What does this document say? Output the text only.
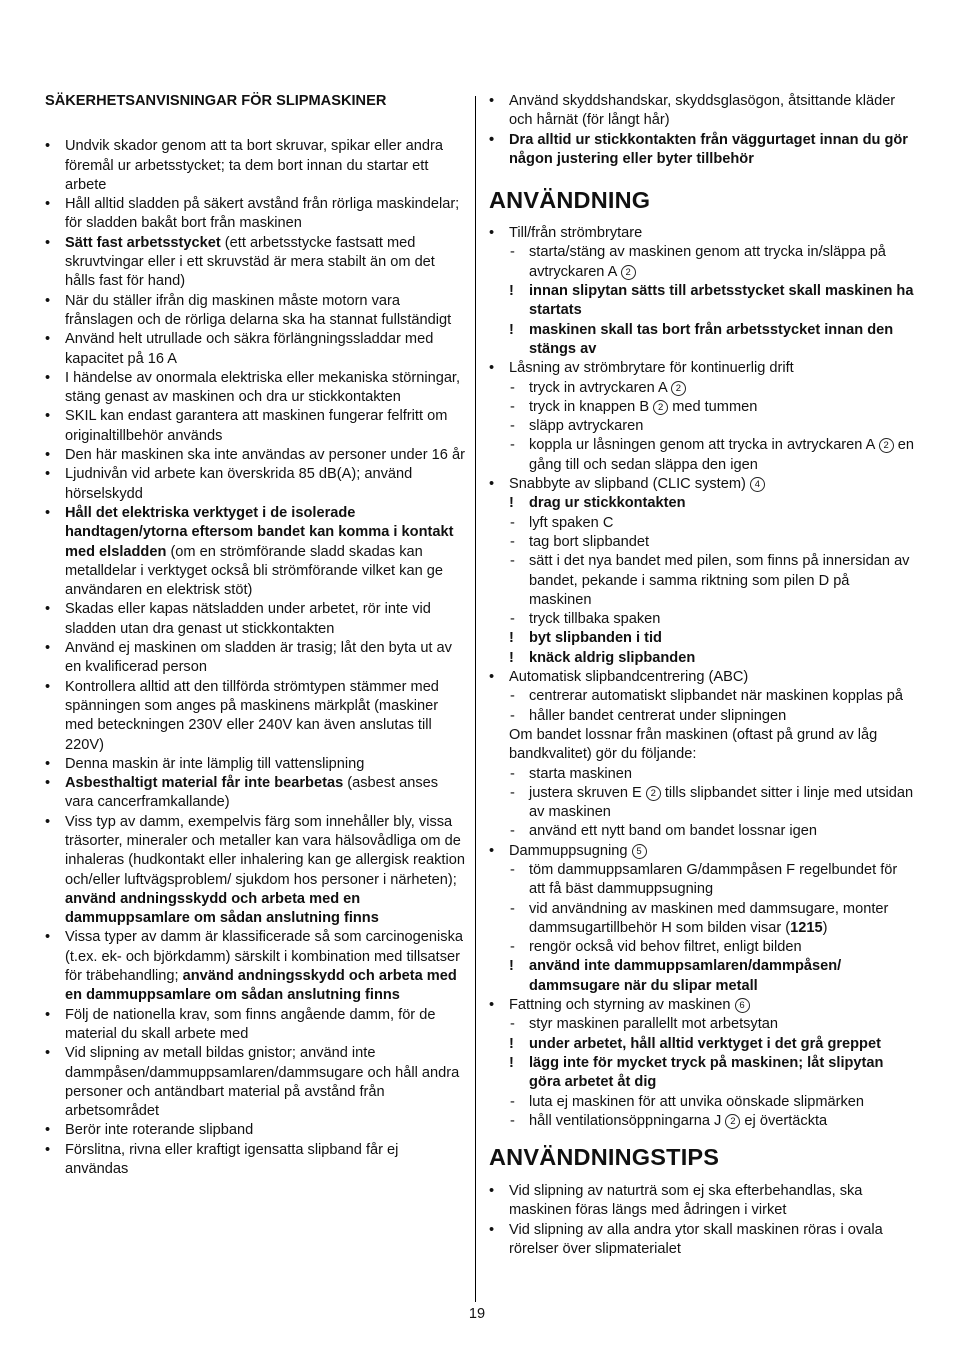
SÄKERHETSANVISNINGAR FÖR SLIPMASKINER
• Undvik skador genom att ta bort skruvar, spikar eller andra föremål ur arbetsstycket; ta dem bort innan du startar ett arbete
• Håll alltid sladden på säkert avstånd från rörliga maskindelar; för sladden bakåt bort från maskinen
• Sätt fast arbetsstycket (ett arbetsstycke fastsatt med skruvtvingar eller i ett skruvstäd är mera stabilt än om det hålls fast för hand)
• När du ställer ifrån dig maskinen måste motorn vara frånslagen och de rörliga delarna ska ha stannat fullständigt
• Använd helt utrullade och säkra förlängningssladdar med kapacitet på 16 A
• I händelse av onormala elektriska eller mekaniska störningar, stäng genast av maskinen och dra ur stickkontakten
• SKIL kan endast garantera att maskinen fungerar felfritt om originaltillbehör används
• Den här maskinen ska inte användas av personer under 16 år
• Ljudnivån vid arbete kan överskrida 85 dB(A); använd hörselskydd
• Håll det elektriska verktyget i de isolerade handtagen/ytorna eftersom bandet kan komma i kontakt med elsladden (om en strömförande sladd skadas kan metalldelar i verktyget också bli strömförande vilket kan ge användaren en elektrisk stöt)
• Skadas eller kapas nätsladden under arbetet, rör inte vid sladden utan dra genast ut stickkontakten
• Använd ej maskinen om sladden är trasig; låt den byta ut av en kvalificerad person
• Kontrollera alltid att den tillförda strömtypen stämmer med spänningen som anges på maskinens märkplåt (maskiner med beteckningen 230V eller 240V kan även anslutas till 220V)
• Denna maskin är inte lämplig till vattenslipning
• Asbesthaltigt material får inte bearbetas (asbest anses vara cancerframkallande)
• Viss typ av damm, exempelvis färg som innehåller bly, vissa träsorter, mineraler och metaller kan vara hälsovådliga om de inhaleras (hudkontakt eller inhalering kan ge allergisk reaktion och/eller luftvägsproblem/ sjukdom hos personer i närheten); använd andningsskydd och arbeta med en dammuppsamlare om sådan anslutning finns
• Vissa typer av damm är klassificerade så som carcinogeniska (t.ex. ek- och björkdamm) särskilt i kombination med tillsatser för träbehandling; använd andningsskydd och arbeta med en dammuppsamlare om sådan anslutning finns
• Följ de nationella krav, som finns angående damm, för de material du skall arbete med
• Vid slipning av metall bildas gnistor; använd inte dammpåsen/dammuppsamlaren/dammsugare och håll andra personer och antändbart material på avstånd från arbetsområdet
• Berör inte roterande slipband
• Förslitna, rivna eller kraftigt igensatta slipband får ej användas
• Använd skyddshandskar, skyddsglasögon, åtsittande kläder och hårnät (för långt hår)
• Dra alltid ur stickkontakten från väggurtaget innan du gör någon justering eller byter tillbehör
ANVÄNDNING
• Till/från strömbrytare
- starta/stäng av maskinen genom att trycka in/släppa på avtryckaren A 2
! innan slipytan sätts till arbetsstycket skall maskinen ha startats
! maskinen skall tas bort från arbetsstycket innan den stängs av
• Låsning av strömbrytare för kontinuerlig drift
- tryck in avtryckaren A 2
- tryck in knappen B 2 med tummen
- släpp avtryckaren
- koppla ur låsningen genom att trycka in avtryckaren A 2 en gång till och sedan släppa den igen
• Snabbyte av slipband (CLIC system) 4
! drag ur stickkontakten
- lyft spaken C
- tag bort slipbandet
- sätt i det nya bandet med pilen, som finns på innersidan av bandet, pekande i samma riktning som pilen D på maskinen
- tryck tillbaka spaken
! byt slipbanden i tid
! knäck aldrig slipbanden
• Automatisk slipbandcentrering (ABC)
- centrerar automatiskt slipbandet när maskinen kopplas på
- håller bandet centrerat under slipningen
Om bandet lossnar från maskinen (oftast på grund av låg bandkvalitet) gör du följande:
- starta maskinen
- justera skruven E 2 tills slipbandet sitter i linje med utsidan av maskinen
- använd ett nytt band om bandet lossnar igen
• Dammuppsugning 5
- töm dammuppsamlaren G/dammpåsen F regelbundet för att få bäst dammuppsugning
- vid användning av maskinen med dammsugare, monter dammsugartillbehör H som bilden visar (1215)
- rengör också vid behov filtret, enligt bilden
! använd inte dammuppsamlaren/dammpåsen/ dammsugare när du slipar metall
• Fattning och styrning av maskinen 6
- styr maskinen parallellt mot arbetsytan
! under arbetet, håll alltid verktyget i det grå greppet
! lägg inte för mycket tryck på maskinen; låt slipytan göra arbetet åt dig
- luta ej maskinen för att unvika oönskade slipmärken
- håll ventilationsöppningarna J 2 ej övertäckta
ANVÄNDNINGSTIPS
• Vid slipning av naturträ som ej ska efterbehandlas, ska maskinen föras längs med ådringen i virket
• Vid slipning av alla andra ytor skall maskinen röras i ovala rörelser över slipmaterialet
19
